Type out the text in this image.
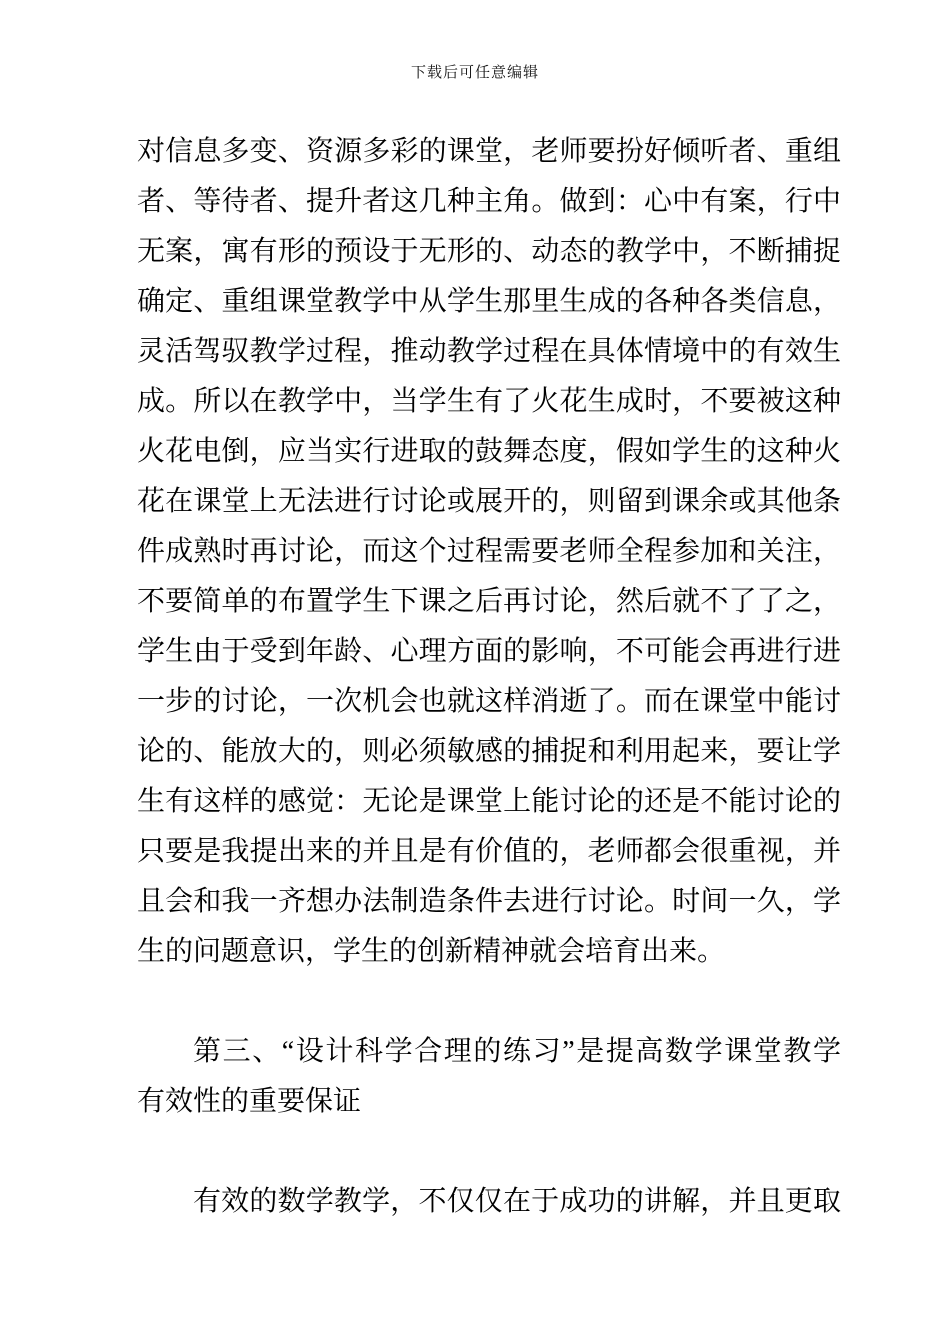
下载后可任意编辑
对信息多变、资源多彩的课堂，老师要扮好倾听者、重组
者、等待者、提升者这几种主角。做到：心中有案，行中
无案，寓有形的预设于无形的、动态的教学中，不断捕捉
确定、重组课堂教学中从学生那里生成的各种各类信息，
灵活驾驭教学过程，推动教学过程在具体情境中的有效生
成。所以在教学中，当学生有了火花生成时，不要被这种
火花电倒，应当实行进取的鼓舞态度，假如学生的这种火
花在课堂上无法进行讨论或展开的，则留到课余或其他条
件成熟时再讨论，而这个过程需要老师全程参加和关注，
不要简单的布置学生下课之后再讨论，然后就不了了之，
学生由于受到年龄、心理方面的影响，不可能会再进行进
一步的讨论，一次机会也就这样消逝了。而在课堂中能讨
论的、能放大的，则必须敏感的捕捉和利用起来，要让学
生有这样的感觉：无论是课堂上能讨论的还是不能讨论的
只要是我提出来的并且是有价值的，老师都会很重视，并
且会和我一齐想办法制造条件去进行讨论。时间一久，学
生的问题意识，学生的创新精神就会培育出来。
第三、“设计科学合理的练习”是提高数学课堂教学
有效性的重要保证
有效的数学教学，不仅仅在于成功的讲解，并且更取
